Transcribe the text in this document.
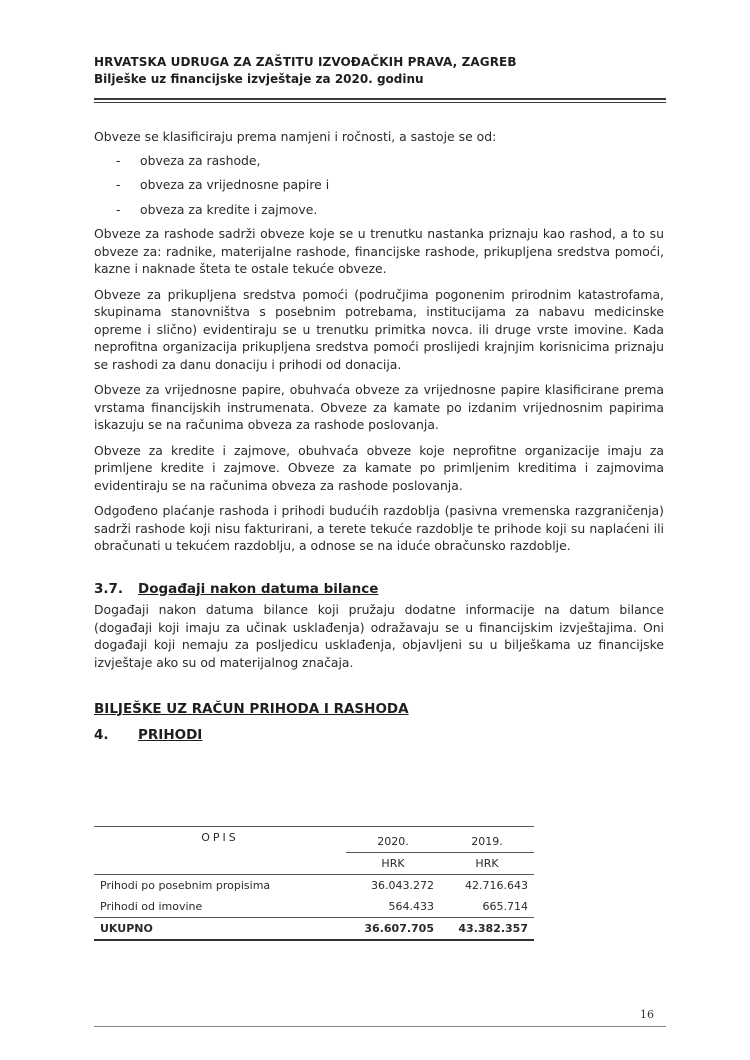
HRVATSKA UDRUGA ZA ZAŠTITU IZVOĐAČKIH PRAVA, ZAGREB
Bilješke uz financijske izvještaje za 2020. godinu

Obveze se klasificiraju prema namjeni i ročnosti, a sastoje se od:

- obveza za rashode,
- obveza za vrijednosne papire i
- obveza za kredite i zajmove.

Obveze za rashode sadrži obveze koje se u trenutku nastanka priznaju kao rashod, a to su obveze za: radnike, materijalne rashode, financijske rashode, prikupljena sredstva pomoći, kazne i naknade šteta te ostale tekuće obveze.

Obveze za prikupljena sredstva pomoći (područjima pogonenim prirodnim katastrofama, skupinama stanovništva s posebnim potrebama, institucijama za nabavu medicinske opreme i slično) evidentiraju se u trenutku primitka novca. ili druge vrste imovine. Kada neprofitna organizacija prikupljena sredstva pomoći proslijedi krajnjim korisnicima priznaju se rashodi za danu donaciju i prihodi od donacija.

Obveze za vrijednosne papire, obuhvaća obveze za vrijednosne papire klasificirane prema vrstama financijskih instrumenata. Obveze za kamate po izdanim vrijednosnim papirima iskazuju se na računima obveza za rashode poslovanja.

Obveze za kredite i zajmove, obuhvaća obveze koje neprofitne organizacije imaju za primljene kredite i zajmove. Obveze za kamate po primljenim kreditima i zajmovima evidentiraju se na računima obveza za rashode poslovanja.

Odgođeno plaćanje rashoda i prihodi budućih razdoblja (pasivna vremenska razgraničenja) sadrži rashode koji nisu fakturirani, a terete tekuće razdoblje te prihode koji su naplaćeni ili obračunati u tekućem razdoblju, a odnose se na iduće obračunsko razdoblje.

3.7. Događaji nakon datuma bilance

Događaji nakon datuma bilance koji pružaju dodatne informacije na datum bilance (događaji koji imaju za učinak usklađenja) odražavaju se u financijskim izvještajima. Oni događaji koji nemaju za posljedicu usklađenja, objavljeni su u bilješkama uz financijske izvještaje ako su od materijalnog značaja.

BILJEŠKE UZ RAČUN PRIHODA I RASHODA
4. PRIHODI

OPIS	2020.	2019.
	HRK	HRK
Prihodi po posebnim propisima	36.043.272	42.716.643
Prihodi od imovine	564.433	665.714
UKUPNO	36.607.705	43.382.357
16
